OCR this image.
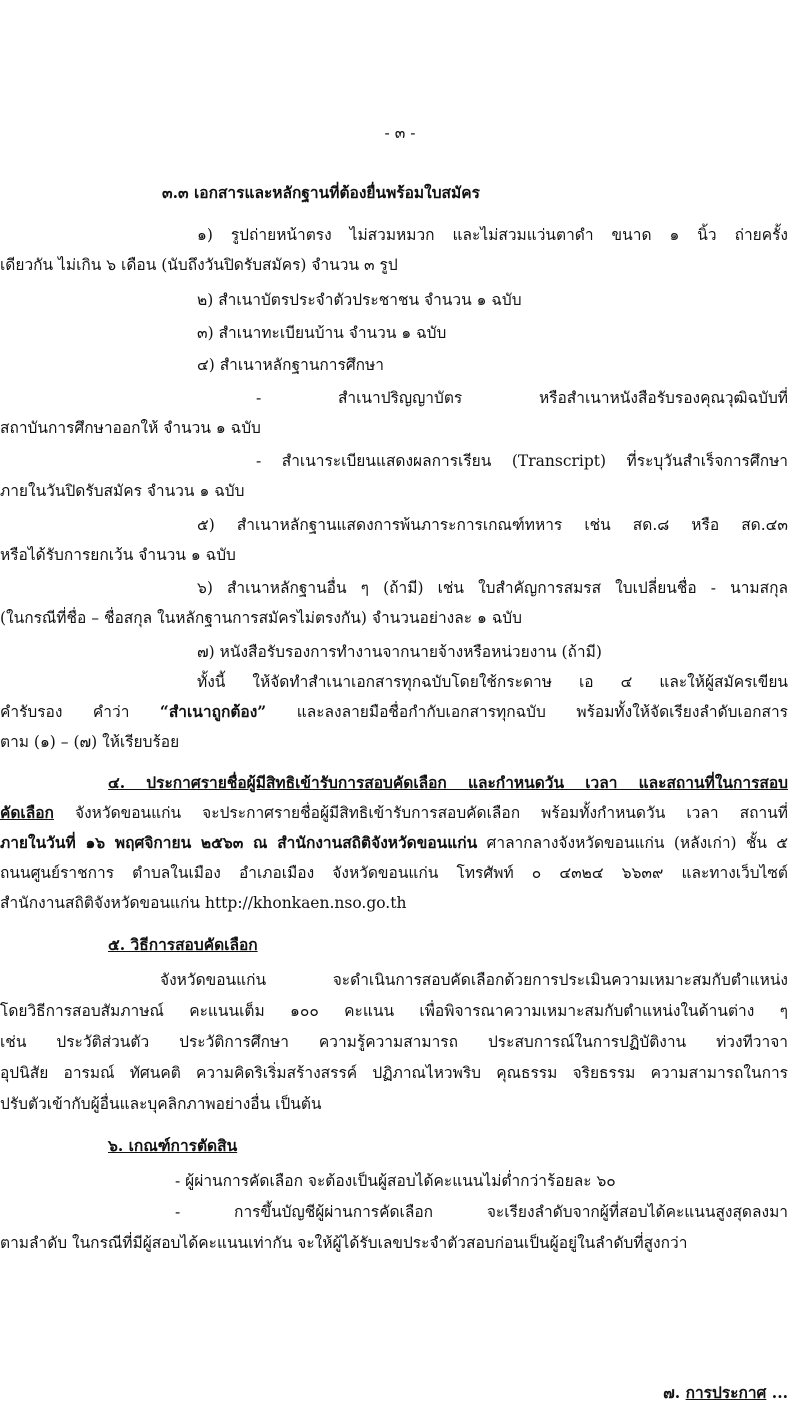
- ๓ -
๓.๓ เอกสารและหลักฐานที่ต้องยื่นพร้อมใบสมัคร
๑) รูปถ่ายหน้าตรง ไม่สวมหมวก และไม่สวมแว่นตาดำ ขนาด ๑ นิ้ว ถ่ายครั้ง
เดียวกัน ไม่เกิน ๖ เดือน (นับถึงวันปิดรับสมัคร) จำนวน ๓ รูป
๒) สำเนาบัตรประจำตัวประชาชน จำนวน ๑ ฉบับ
๓) สำเนาทะเบียนบ้าน จำนวน ๑ ฉบับ
๔) สำเนาหลักฐานการศึกษา
- สำเนาปริญญาบัตร หรือสำเนาหนังสือรับรองคุณวุฒิฉบับที่
สถาบันการศึกษาออกให้ จำนวน ๑ ฉบับ
- สำเนาระเบียนแสดงผลการเรียน (Transcript) ที่ระบุวันสำเร็จการศึกษา
ภายในวันปิดรับสมัคร จำนวน ๑ ฉบับ
๕) สำเนาหลักฐานแสดงการพ้นภาระการเกณฑ์ทหาร เช่น สด.๘ หรือ สด.๔๓
หรือได้รับการยกเว้น จำนวน ๑ ฉบับ
๖) สำเนาหลักฐานอื่น ๆ (ถ้ามี) เช่น ใบสำคัญการสมรส ใบเปลี่ยนชื่อ - นามสกุล
(ในกรณีที่ชื่อ – ชื่อสกุล ในหลักฐานการสมัครไม่ตรงกัน) จำนวนอย่างละ ๑ ฉบับ
๗) หนังสือรับรองการทำงานจากนายจ้างหรือหน่วยงาน (ถ้ามี)
ทั้งนี้ ให้จัดทำสำเนาเอกสารทุกฉบับโดยใช้กระดาษ เอ ๔ และให้ผู้สมัครเขียน
คำรับรอง คำว่า “สำเนาถูกต้อง” และลงลายมือชื่อกำกับเอกสารทุกฉบับ พร้อมทั้งให้จัดเรียงลำดับเอกสาร
ตาม (๑) – (๗) ให้เรียบร้อย
๔. ประกาศรายชื่อผู้มีสิทธิเข้ารับการสอบคัดเลือก และกำหนดวัน เวลา และสถานที่ในการสอบ
คัดเลือก จังหวัดขอนแก่น จะประกาศรายชื่อผู้มีสิทธิเข้ารับการสอบคัดเลือก พร้อมทั้งกำหนดวัน เวลา สถานที่
ภายในวันที่ ๑๖ พฤศจิกายน ๒๕๖๓ ณ สำนักงานสถิติจังหวัดขอนแก่น ศาลากลางจังหวัดขอนแก่น (หลังเก่า) ชั้น ๕
ถนนศูนย์ราชการ ตำบลในเมือง อำเภอเมือง จังหวัดขอนแก่น โทรศัพท์ ๐ ๔๓๒๔ ๖๖๓๙ และทางเว็บไซต์
สำนักงานสถิติจังหวัดขอนแก่น http://khonkaen.nso.go.th
๕. วิธีการสอบคัดเลือก
จังหวัดขอนแก่น จะดำเนินการสอบคัดเลือกด้วยการประเมินความเหมาะสมกับตำแหน่ง
โดยวิธีการสอบสัมภาษณ์ คะแนนเต็ม ๑๐๐ คะแนน เพื่อพิจารณาความเหมาะสมกับตำแหน่งในด้านต่าง ๆ
เช่น ประวัติส่วนตัว ประวัติการศึกษา ความรู้ความสามารถ ประสบการณ์ในการปฏิบัติงาน ท่วงทีวาจา
อุปนิสัย อารมณ์ ทัศนคติ ความคิดริเริ่มสร้างสรรค์ ปฏิภาณไหวพริบ คุณธรรม จริยธรรม ความสามารถในการ
ปรับตัวเข้ากับผู้อื่นและบุคลิกภาพอย่างอื่น เป็นต้น
๖. เกณฑ์การตัดสิน
- ผู้ผ่านการคัดเลือก จะต้องเป็นผู้สอบได้คะแนนไม่ต่ำกว่าร้อยละ ๖๐
- การขึ้นบัญชีผู้ผ่านการคัดเลือก จะเรียงลำดับจากผู้ที่สอบได้คะแนนสูงสุดลงมา
ตามลำดับ ในกรณีที่มีผู้สอบได้คะแนนเท่ากัน จะให้ผู้ได้รับเลขประจำตัวสอบก่อนเป็นผู้อยู่ในลำดับที่สูงกว่า
๗. การประกาศ ...
